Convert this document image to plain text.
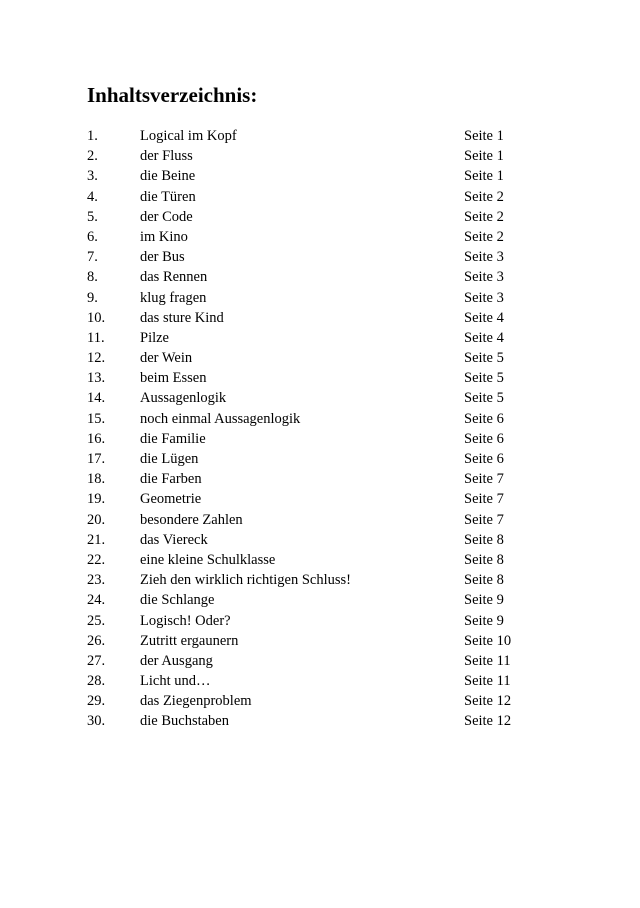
Inhaltsverzeichnis:
1.	Logical im Kopf	Seite 1
2.	der Fluss	Seite 1
3.	die Beine	Seite 1
4.	die Türen	Seite 2
5.	der Code	Seite 2
6.	im Kino	Seite 2
7.	der Bus	Seite 3
8.	das Rennen	Seite 3
9.	klug fragen	Seite 3
10. das sture Kind	Seite 4
11. Pilze	Seite 4
12. der Wein	Seite 5
13. beim Essen	Seite 5
14. Aussagenlogik	Seite 5
15. noch einmal Aussagenlogik	Seite 6
16. die Familie	Seite 6
17. die Lügen	Seite 6
18. die Farben	Seite 7
19. Geometrie	Seite 7
20. besondere Zahlen	Seite 7
21. das Viereck	Seite 8
22. eine kleine Schulklasse	Seite 8
23. Zieh den wirklich richtigen Schluss!	Seite 8
24. die Schlange	Seite 9
25. Logisch! Oder?	Seite 9
26. Zutritt ergaunern	Seite 10
27. der Ausgang	Seite 11
28. Licht und…	Seite 11
29. das Ziegenproblem	Seite 12
30. die Buchstaben	Seite 12
